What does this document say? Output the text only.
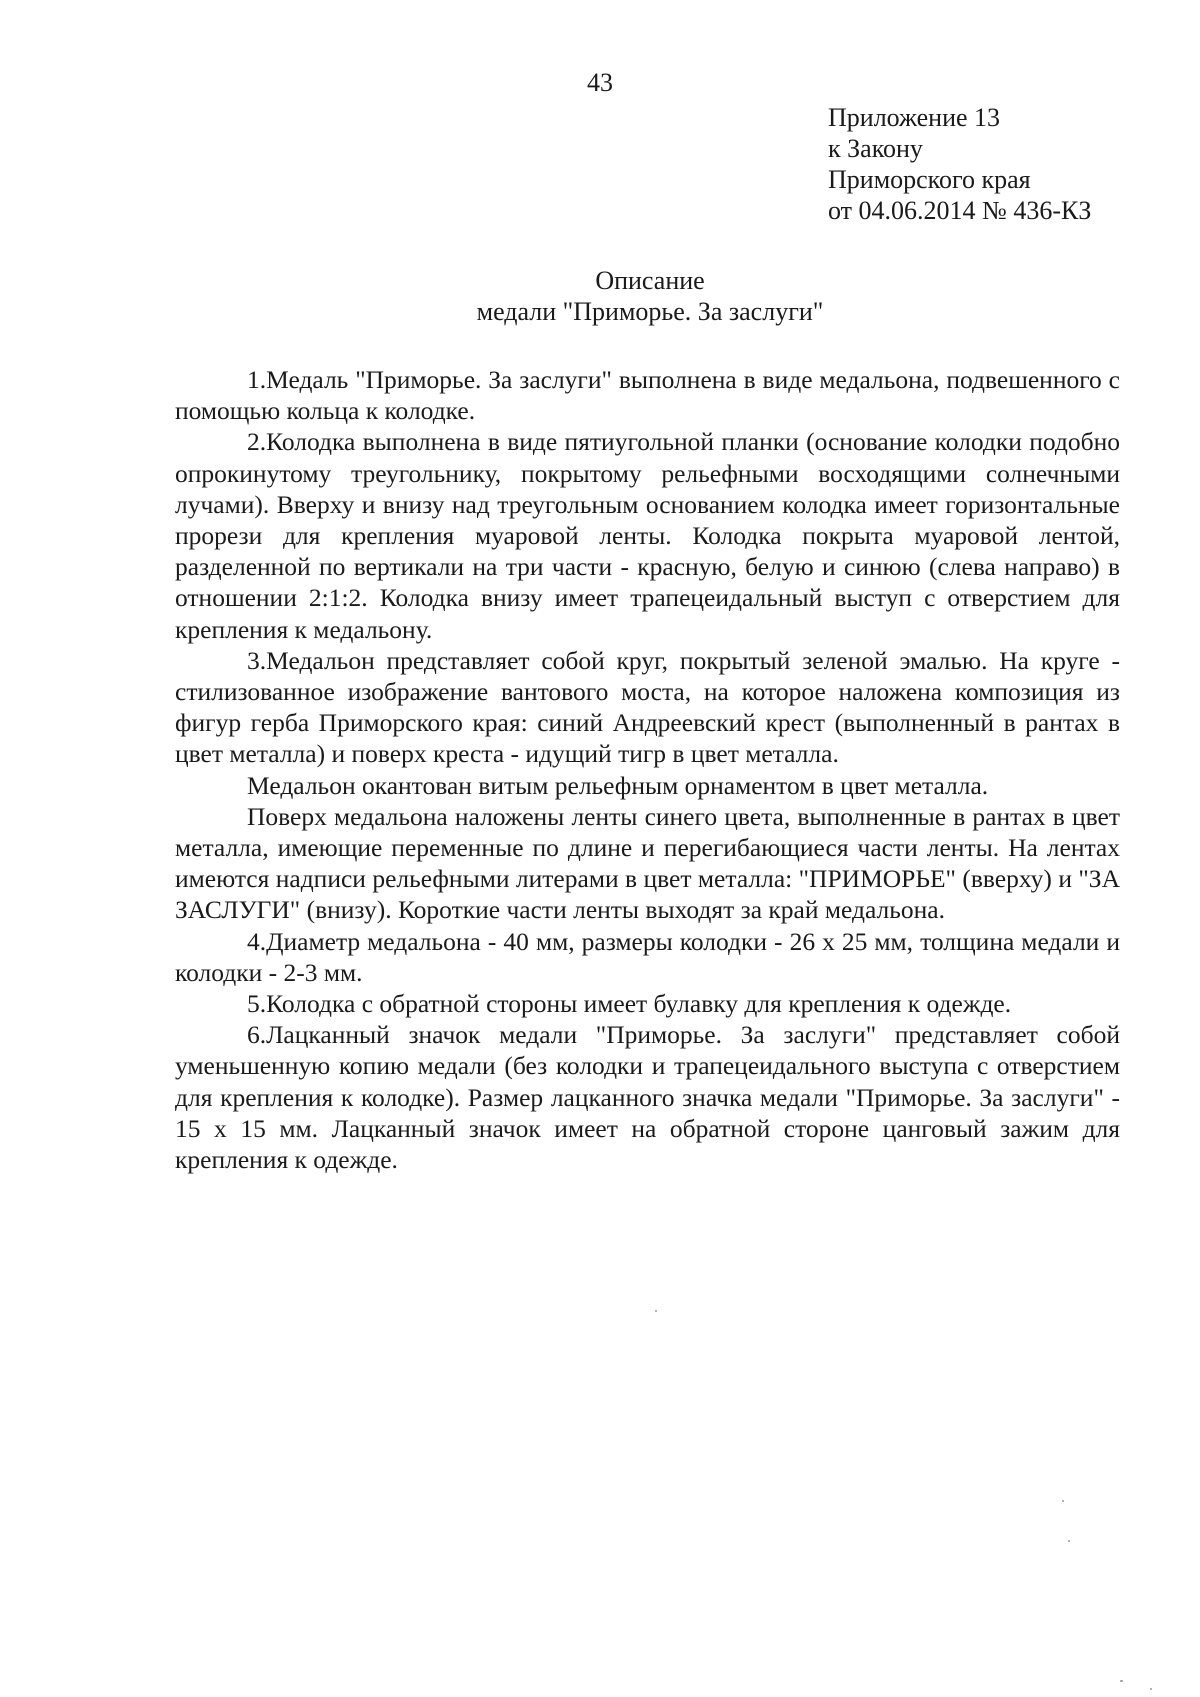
43
Приложение 13
к Закону
Приморского края
от 04.06.2014 № 436-КЗ
Описание
медали "Приморье. За заслуги"

1.Медаль "Приморье. За заслуги" выполнена в виде медальона, подвешенного с помощью кольца к колодке.

2.Колодка выполнена в виде пятиугольной планки (основание колодки подобно опрокинутому треугольнику, покрытому рельефными восходящими солнечными лучами). Вверху и внизу над треугольным основанием колодка имеет горизонтальные прорези для крепления муаровой ленты. Колодка покрыта муаровой лентой, разделенной по вертикали на три части - красную, белую и синюю (слева направо) в отношении 2:1:2. Колодка внизу имеет трапецеидальный выступ с отверстием для крепления к медальону.

3.Медальон представляет собой круг, покрытый зеленой эмалью. На круге - стилизованное изображение вантового моста, на которое наложена композиция из фигур герба Приморского края: синий Андреевский крест (выполненный в рантах в цвет металла) и поверх креста - идущий тигр в цвет металла.

Медальон окантован витым рельефным орнаментом в цвет металла.

Поверх медальона наложены ленты синего цвета, выполненные в рантах в цвет металла, имеющие переменные по длине и перегибающиеся части ленты. На лентах имеются надписи рельефными литерами в цвет металла: "ПРИМОРЬЕ" (вверху) и "ЗА ЗАСЛУГИ" (внизу). Короткие части ленты выходят за край медальона.

4.Диаметр медальона - 40 мм, размеры колодки - 26 х 25 мм, толщина медали и колодки - 2-3 мм.

5.Колодка с обратной стороны имеет булавку для крепления к одежде.

6.Лацканный значок медали "Приморье. За заслуги" представляет собой уменьшенную копию медали (без колодки и трапецеидального выступа с отверстием для крепления к колодке). Размер лацканного значка медали "Приморье. За заслуги" - 15 х 15 мм. Лацканный значок имеет на обратной стороне цанговый зажим для крепления к одежде.
